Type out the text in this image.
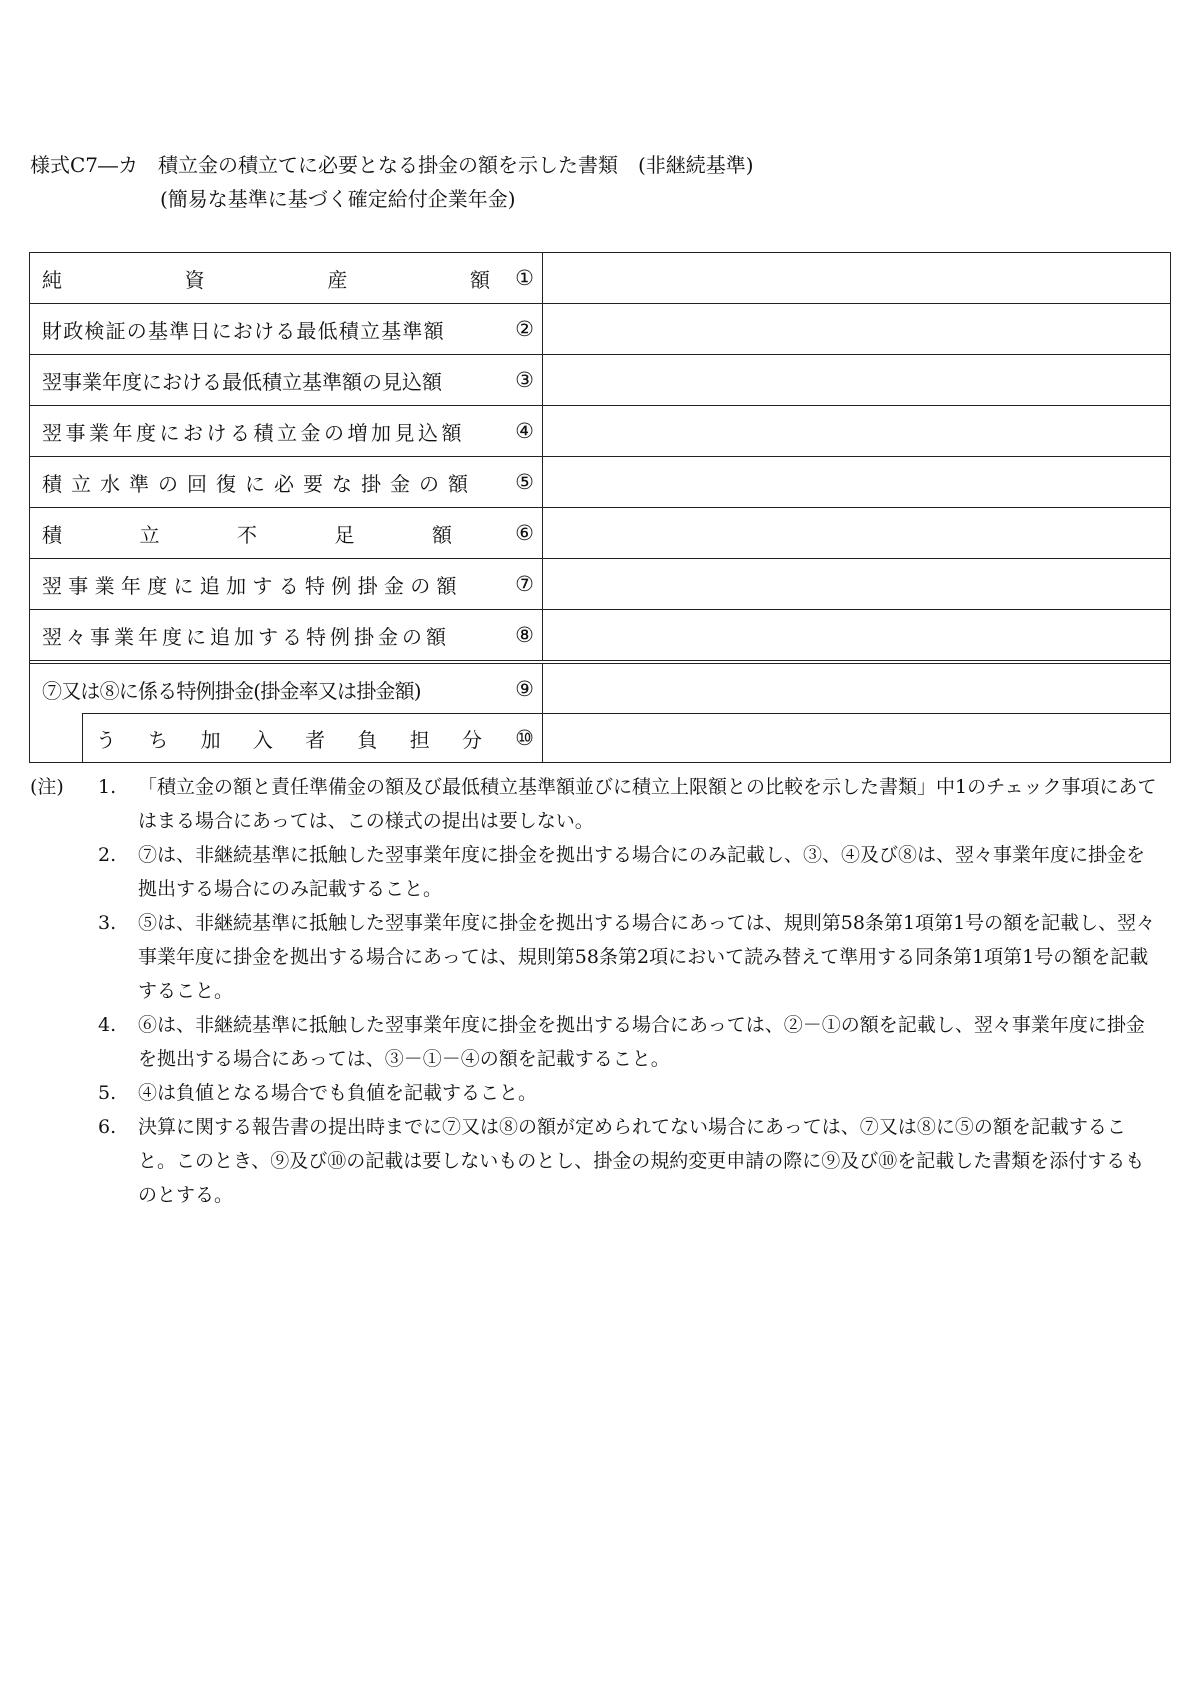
様式C7―カ 積立金の積立てに必要となる掛金の額を示した書類　(非継続基準)
(簡易な基準に基づく確定給付企業年金)
純	資	産	額 ①
財政検証の基準日における最低積立基準額	②
翌事業年度における最低積立基準額の見込額	③
翌事業年度における積立金の増加見込額	④
積立水準の回復に必要な掛金の額	⑤
積	立	不	足	額	⑥
翌事業年度に追加する特例掛金の額	⑦
翌々事業年度に追加する特例掛金の額	⑧
⑦又は⑧に係る特例掛金(掛金率又は掛金額)	⑨
う ち 加 入 者 負 担 分 ⑩
(注) 1. 「積立金の額と責任準備金の額及び最低積立基準額並びに積立上限額との比較を示した書類」中1のチェック事項にあてはまる場合にあっては、この様式の提出は要しない。
2. ⑦は、非継続基準に抵触した翌事業年度に掛金を拠出する場合にのみ記載し、③、④及び⑧は、翌々事業年度に掛金を拠出する場合にのみ記載すること。
3. ⑤は、非継続基準に抵触した翌事業年度に掛金を拠出する場合にあっては、規則第58条第1項第1号の額を記載し、翌々事業年度に掛金を拠出する場合にあっては、規則第58条第2項において読み替えて準用する同条第1項第1号の額を記載すること。
4. ⑥は、非継続基準に抵触した翌事業年度に掛金を拠出する場合にあっては、②－①の額を記載し、翌々事業年度に掛金を拠出する場合にあっては、③－①－④の額を記載すること。
5. ④は負値となる場合でも負値を記載すること。
6. 決算に関する報告書の提出時までに⑦又は⑧の額が定められてない場合にあっては、⑦又は⑧に⑤の額を記載すること。このとき、⑨及び⑩の記載は要しないものとし、掛金の規約変更申請の際に⑨及び⑩を記載した書類を添付するものとする。
